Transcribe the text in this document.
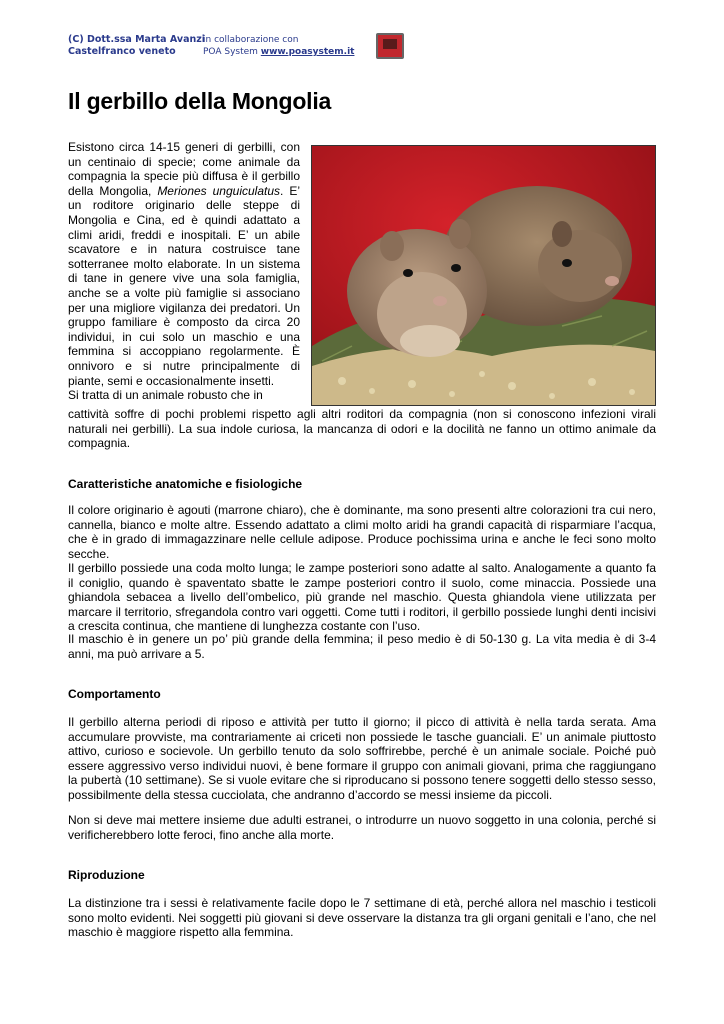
(C) Dott.ssa Marta Avanzi
Castelfranco veneto
in collaborazione con
POA System www.poasystem.it
Il gerbillo della Mongolia

Esistono circa 14-15 generi di gerbilli, con un centinaio di specie; come animale da compagnia la specie più diffusa è il gerbillo della Mongolia, Meriones unguiculatus. E’ un roditore originario delle steppe di Mongolia e Cina, ed è quindi adattato a climi aridi, freddi e inospitali. E’ un abile scavatore e in natura costruisce tane sotterranee molto elaborate. In un sistema di tane in genere vive una sola famiglia, anche se a volte più famiglie si associano per una migliore vigilanza dei predatori. Un gruppo familiare è composto da circa 20 individui, in cui solo un maschio e una femmina si accoppiano regolarmente. È onnivoro e si nutre principalmente di piante, semi e occasionalmente insetti.
Si tratta di un animale robusto che in

cattività soffre di pochi problemi rispetto agli altri roditori da compagnia (non si conoscono infezioni virali naturali nei gerbilli). La sua indole curiosa, la mancanza di odori e la docilità ne fanno un ottimo animale da compagnia.

Caratteristiche anatomiche e fisiologiche

Il colore originario è agouti (marrone chiaro), che è dominante, ma sono presenti altre colorazioni tra cui nero, cannella, bianco e molte altre. Essendo adattato a climi molto aridi ha grandi capacità di risparmiare l’acqua, che è in grado di immagazzinare nelle cellule adipose. Produce pochissima urina e anche le feci sono molto secche.

Il gerbillo possiede una coda molto lunga; le zampe posteriori sono adatte al salto. Analogamente a quanto fa il coniglio, quando è spaventato sbatte le zampe posteriori contro il suolo, come minaccia. Possiede una ghiandola sebacea a livello dell’ombelico, più grande nel maschio. Questa ghiandola viene utilizzata per marcare il territorio, sfregandola contro vari oggetti. Come tutti i roditori, il gerbillo possiede lunghi denti incisivi a crescita continua, che mantiene di lunghezza costante con l’uso.

Il maschio è in genere un po’ più grande della femmina; il peso medio è di 50-130 g. La vita media è di 3-4 anni, ma può arrivare a 5.

Comportamento

Il gerbillo alterna periodi di riposo e attività per tutto il giorno; il picco di attività è nella tarda serata. Ama accumulare provviste, ma contrariamente ai criceti non possiede le tasche guanciali. E’ un animale piuttosto attivo, curioso e socievole. Un gerbillo tenuto da solo soffrirebbe, perché è un animale sociale. Poiché può essere aggressivo verso individui nuovi, è bene formare il gruppo con animali giovani, prima che raggiungano la pubertà (10 settimane). Se si vuole evitare che si riproducano si possono tenere soggetti dello stesso sesso, possibilmente della stessa cucciolata, che andranno d’accordo se messi insieme da piccoli.

Non si deve mai mettere insieme due adulti estranei, o introdurre un nuovo soggetto in una colonia, perché si verificherebbero lotte feroci, fino anche alla morte.

Riproduzione

La distinzione tra i sessi è relativamente facile dopo le 7 settimane di età, perché allora nel maschio i testicoli sono molto evidenti. Nei soggetti più giovani si deve osservare la distanza tra gli organi genitali e l’ano, che nel maschio è maggiore rispetto alla femmina.
